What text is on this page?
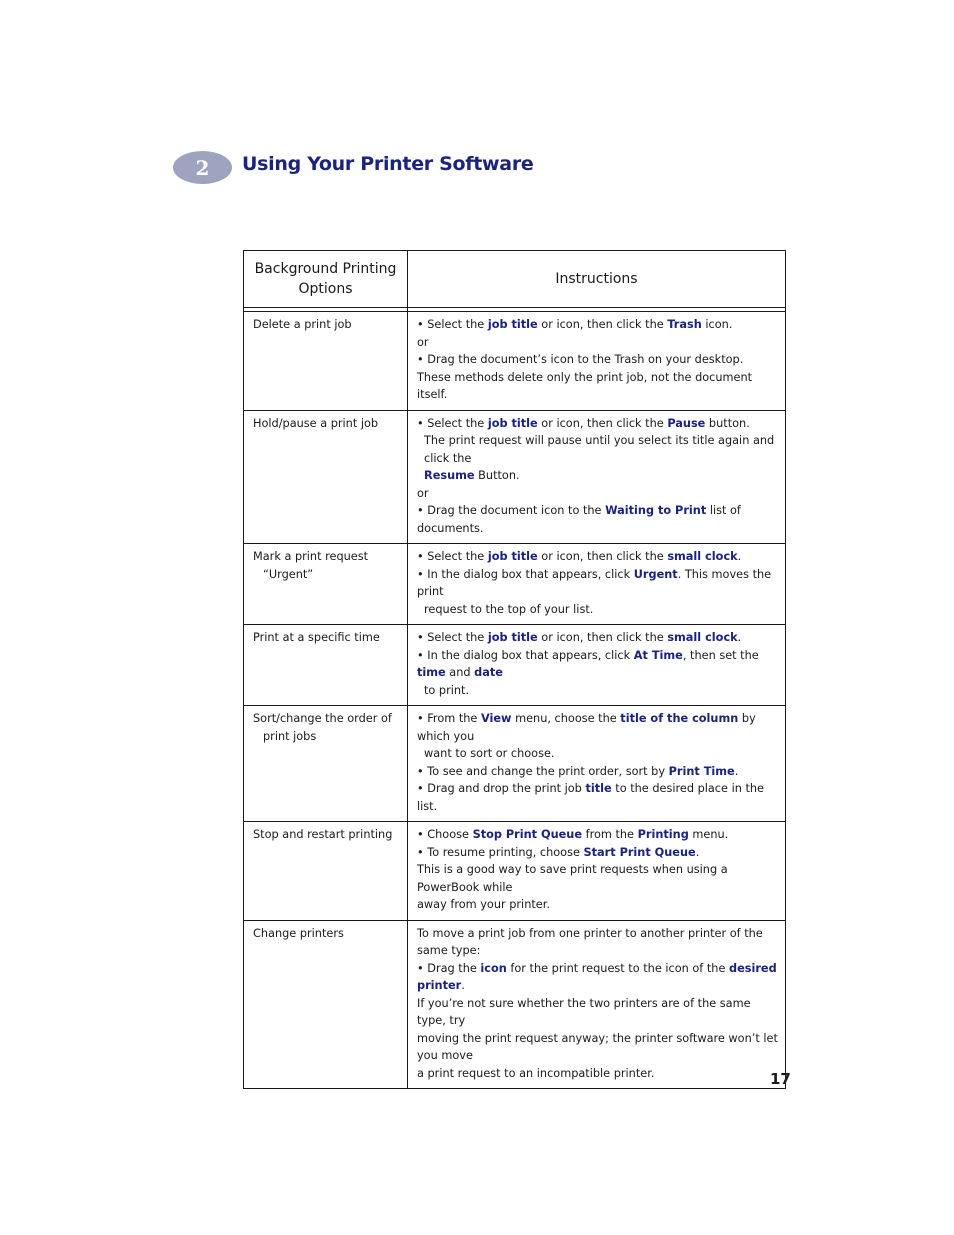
2 Using Your Printer Software
Background Printing
Options	Instructions

Delete a print job	• Select the job title or icon, then click the Trash icon.
or
• Drag the document’s icon to the Trash on your desktop.
These methods delete only the print job, not the document itself.

Hold/pause a print job	• Select the job title or icon, then click the Pause button.
The print request will pause until you select its title again and click the
Resume Button.
or
• Drag the document icon to the Waiting to Print list of documents.

Mark a print request
“Urgent”	• Select the job title or icon, then click the small clock.
• In the dialog box that appears, click Urgent. This moves the print
request to the top of your list.

Print at a specific time	• Select the job title or icon, then click the small clock.
• In the dialog box that appears, click At Time, then set the time and date
to print.

Sort/change the order of
print jobs	• From the View menu, choose the title of the column by which you
want to sort or choose.
• To see and change the print order, sort by Print Time.
• Drag and drop the print job title to the desired place in the list.

Stop and restart printing	• Choose Stop Print Queue from the Printing menu.
• To resume printing, choose Start Print Queue.
This is a good way to save print requests when using a PowerBook while
away from your printer.

Change printers	To move a print job from one printer to another printer of the same type:
• Drag the icon for the print request to the icon of the desired printer.
If you’re not sure whether the two printers are of the same type, try
moving the print request anyway; the printer software won’t let you move
a print request to an incompatible printer.	17
